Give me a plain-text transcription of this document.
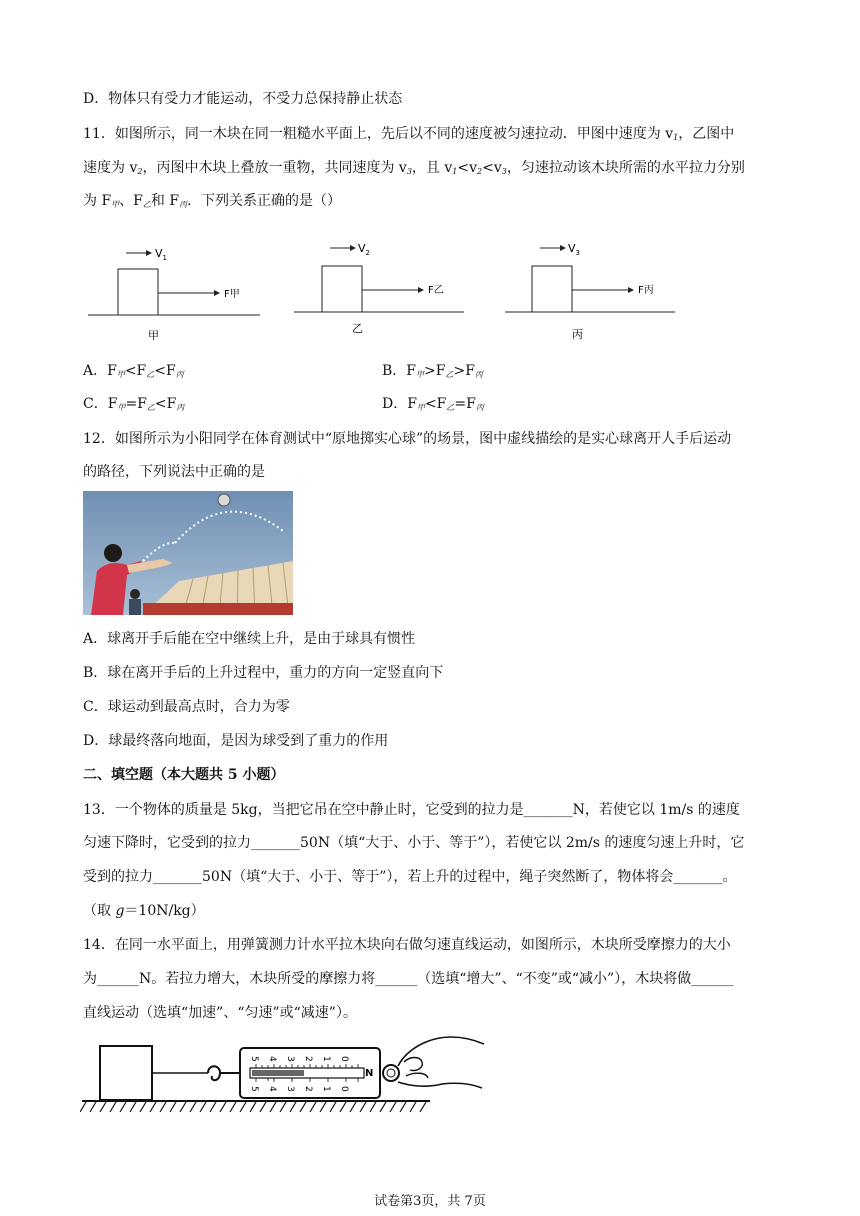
D．物体只有受力才能运动，不受力总保持静止状态
11．如图所示，同一木块在同一粗糙水平面上，先后以不同的速度被匀速拉动．甲图中速度为 $v_1$，乙图中
速度为 $v_2$，丙图中木块上叠放一重物，共同速度为 $v_3$，且 $v_1<v_2<v_3$，匀速拉动该木块所需的水平拉力分别
为 $F_甲$、$F_乙$和 $F_丙$．下列关系正确的是（）
$V_1$
F甲
甲
$V_2$
F乙
乙
$V_3$
F丙
丙
A．$F_甲<F_乙<F_丙$	B．$F_甲>F_乙>F_丙$
C．$F_甲=F_乙<F_丙$	D．$F_甲<F_乙=F_丙$
12．如图所示为小阳同学在体育测试中“原地掷实心球”的场景，图中虚线描绘的是实心球离开人手后运动
的路径，下列说法中正确的是
A．球离开手后能在空中继续上升，是由于球具有惯性
B．球在离开手后的上升过程中，重力的方向一定竖直向下
C．球运动到最高点时，合力为零
D．球最终落向地面，是因为球受到了重力的作用
二、填空题（本大题共 5 小题）
13．一个物体的质量是 5kg，当把它吊在空中静止时，它受到的拉力是_______N，若使它以 1m/s 的速度
匀速下降时，它受到的拉力_______50N（填“大于、小于、等于”），若使它以 2m/s 的速度匀速上升时，它
受到的拉力_______50N（填“大于、小于、等于”），若上升的过程中，绳子突然断了，物体将会_______。
（取 g＝10N/kg）
14．在同一水平面上，用弹簧测力计水平拉木块向右做匀速直线运动，如图所示，木块所受摩擦力的大小
为______N。若拉力增大，木块所受的摩擦力将______（选填“增大”、“不变”或“减小”），木块将做______
直线运动（选填“加速”、“匀速”或“减速”）。
5 4 3 2 1 0
5 4 3 2 1 0
N
试卷第3页，共 7页
